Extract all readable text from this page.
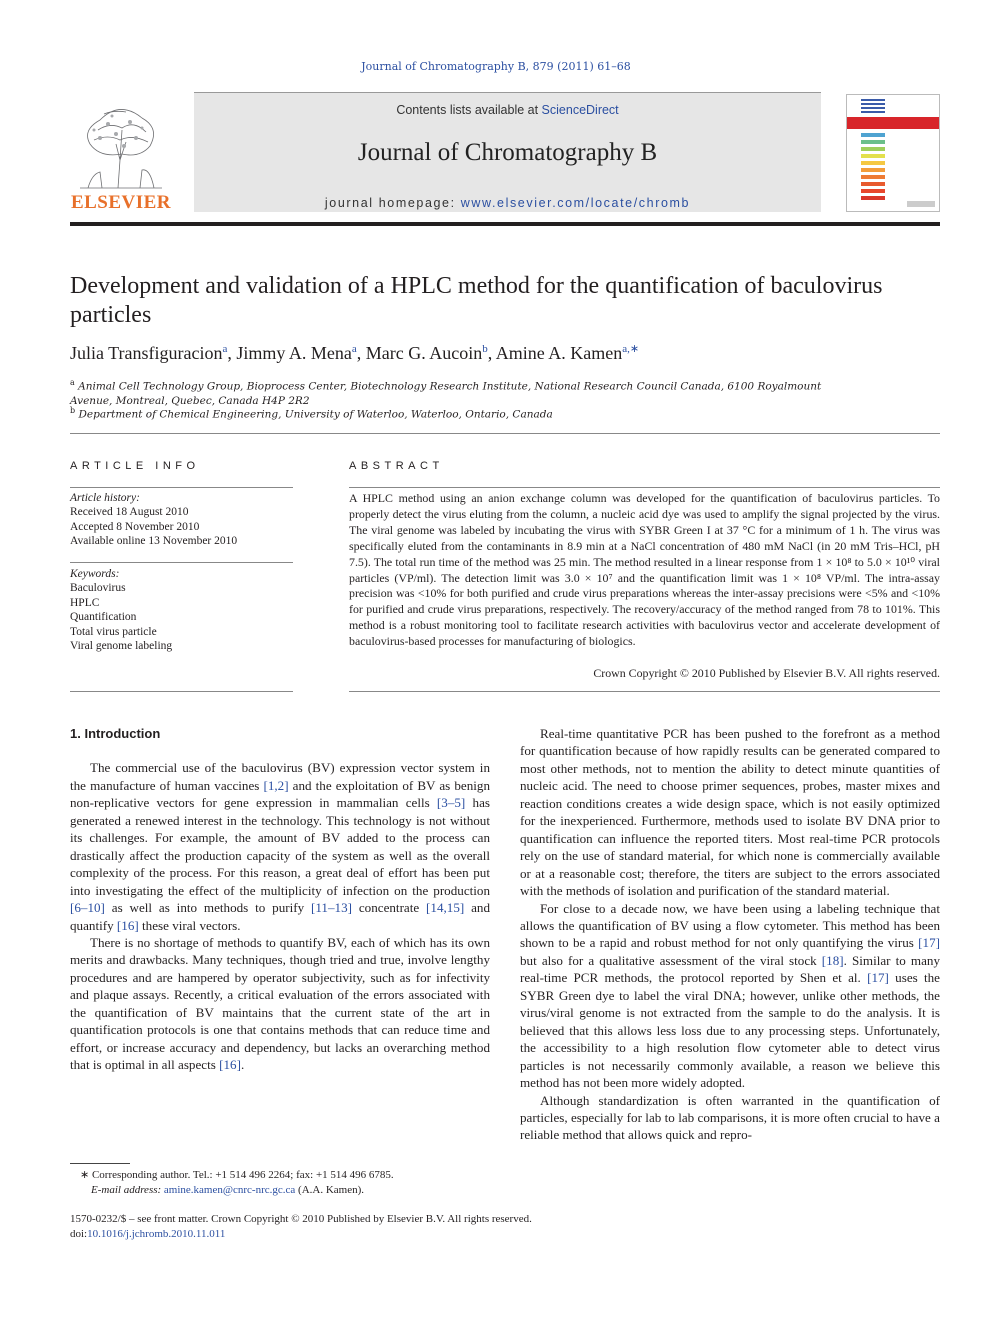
Journal of Chromatography B, 879 (2011) 61–68
ELSEVIER
Contents lists available at ScienceDirect
Journal of Chromatography B
journal homepage: www.elsevier.com/locate/chromb
Development and validation of a HPLC method for the quantification of baculovirus particles
Julia Transfiguracion$^a$, Jimmy A. Mena$^a$, Marc G. Aucoin$^b$, Amine A. Kamen$^{a,∗}$
$^a$ Animal Cell Technology Group, Bioprocess Center, Biotechnology Research Institute, National Research Council Canada, 6100 Royalmount Avenue, Montreal, Quebec, Canada H4P 2R2
$^b$ Department of Chemical Engineering, University of Waterloo, Waterloo, Ontario, Canada
ARTICLE INFO	ABSTRACT
Article history:
Received 18 August 2010
Accepted 8 November 2010
Available online 13 November 2010
Keywords:
Baculovirus
HPLC
Quantification
Total virus particle
Viral genome labeling
A HPLC method using an anion exchange column was developed for the quantification of baculovirus particles. To properly detect the virus eluting from the column, a nucleic acid dye was used to amplify the signal projected by the virus. The viral genome was labeled by incubating the virus with SYBR Green I at 37 °C for a minimum of 1 h. The virus was specifically eluted from the contaminants in 8.9 min at a NaCl concentration of 480 mM NaCl (in 20 mM Tris–HCl, pH 7.5). The total run time of the method was 25 min. The method resulted in a linear response from 1 × 10⁸ to 5.0 × 10¹⁰ viral particles (VP/ml). The detection limit was 3.0 × 10⁷ and the quantification limit was 1 × 10⁸ VP/ml. The intra-assay precision was <10% for both purified and crude virus preparations whereas the inter-assay precisions were <5% and <10% for purified and crude virus preparations, respectively. The recovery/accuracy of the method ranged from 78 to 101%. This method is a robust monitoring tool to facilitate research activities with baculovirus vector and accelerate development of baculovirus-based processes for manufacturing of biologics.
Crown Copyright © 2010 Published by Elsevier B.V. All rights reserved.
1. Introduction

The commercial use of the baculovirus (BV) expression vector system in the manufacture of human vaccines [1,2] and the exploitation of BV as benign non-replicative vectors for gene expression in mammalian cells [3–5] has generated a renewed interest in the technology. This technology is not without its challenges. For example, the amount of BV added to the process can drastically affect the production capacity of the system as well as the overall complexity of the process. For this reason, a great deal of effort has been put into investigating the effect of the multiplicity of infection on the production [6–10] as well as into methods to purify [11–13] concentrate [14,15] and quantify [16] these viral vectors.

There is no shortage of methods to quantify BV, each of which has its own merits and drawbacks. Many techniques, though tried and true, involve lengthy procedures and are hampered by operator subjectivity, such as for infectivity and plaque assays. Recently, a critical evaluation of the errors associated with the quantification of BV maintains that the current state of the art in quantification protocols is one that contains methods that can reduce time and effort, or increase accuracy and dependency, but lacks an overarching method that is optimal in all aspects [16].

Real-time quantitative PCR has been pushed to the forefront as a method for quantification because of how rapidly results can be generated compared to most other methods, not to mention the ability to detect minute quantities of nucleic acid. The need to choose primer sequences, probes, master mixes and reaction conditions creates a wide design space, which is not easily optimized for the inexperienced. Furthermore, methods used to isolate BV DNA prior to quantification can influence the reported titers. Most real-time PCR protocols rely on the use of standard material, for which none is commercially available or at a reasonable cost; therefore, the titers are subject to the errors associated with the methods of isolation and purification of the standard material.

For close to a decade now, we have been using a labeling technique that allows the quantification of BV using a flow cytometer. This method has been shown to be a rapid and robust method for not only quantifying the virus [17] but also for a qualitative assessment of the viral stock [18]. Similar to many real-time PCR methods, the protocol reported by Shen et al. [17] uses the SYBR Green dye to label the viral DNA; however, unlike other methods, the virus/viral genome is not extracted from the sample to do the analysis. It is believed that this allows less loss due to any processing steps. Unfortunately, the accessibility to a high resolution flow cytometer able to detect virus particles is not necessarily commonly available, a reason we believe this method has not been more widely adopted.

Although standardization is often warranted in the quantification of particles, especially for lab to lab comparisons, it is more often crucial to have a reliable method that allows quick and repro-

∗ Corresponding author. Tel.: +1 514 496 2264; fax: +1 514 496 6785.
E-mail address: amine.kamen@cnrc-nrc.gc.ca (A.A. Kamen).
1570-0232/$ – see front matter. Crown Copyright © 2010 Published by Elsevier B.V. All rights reserved.
doi:10.1016/j.jchromb.2010.11.011
